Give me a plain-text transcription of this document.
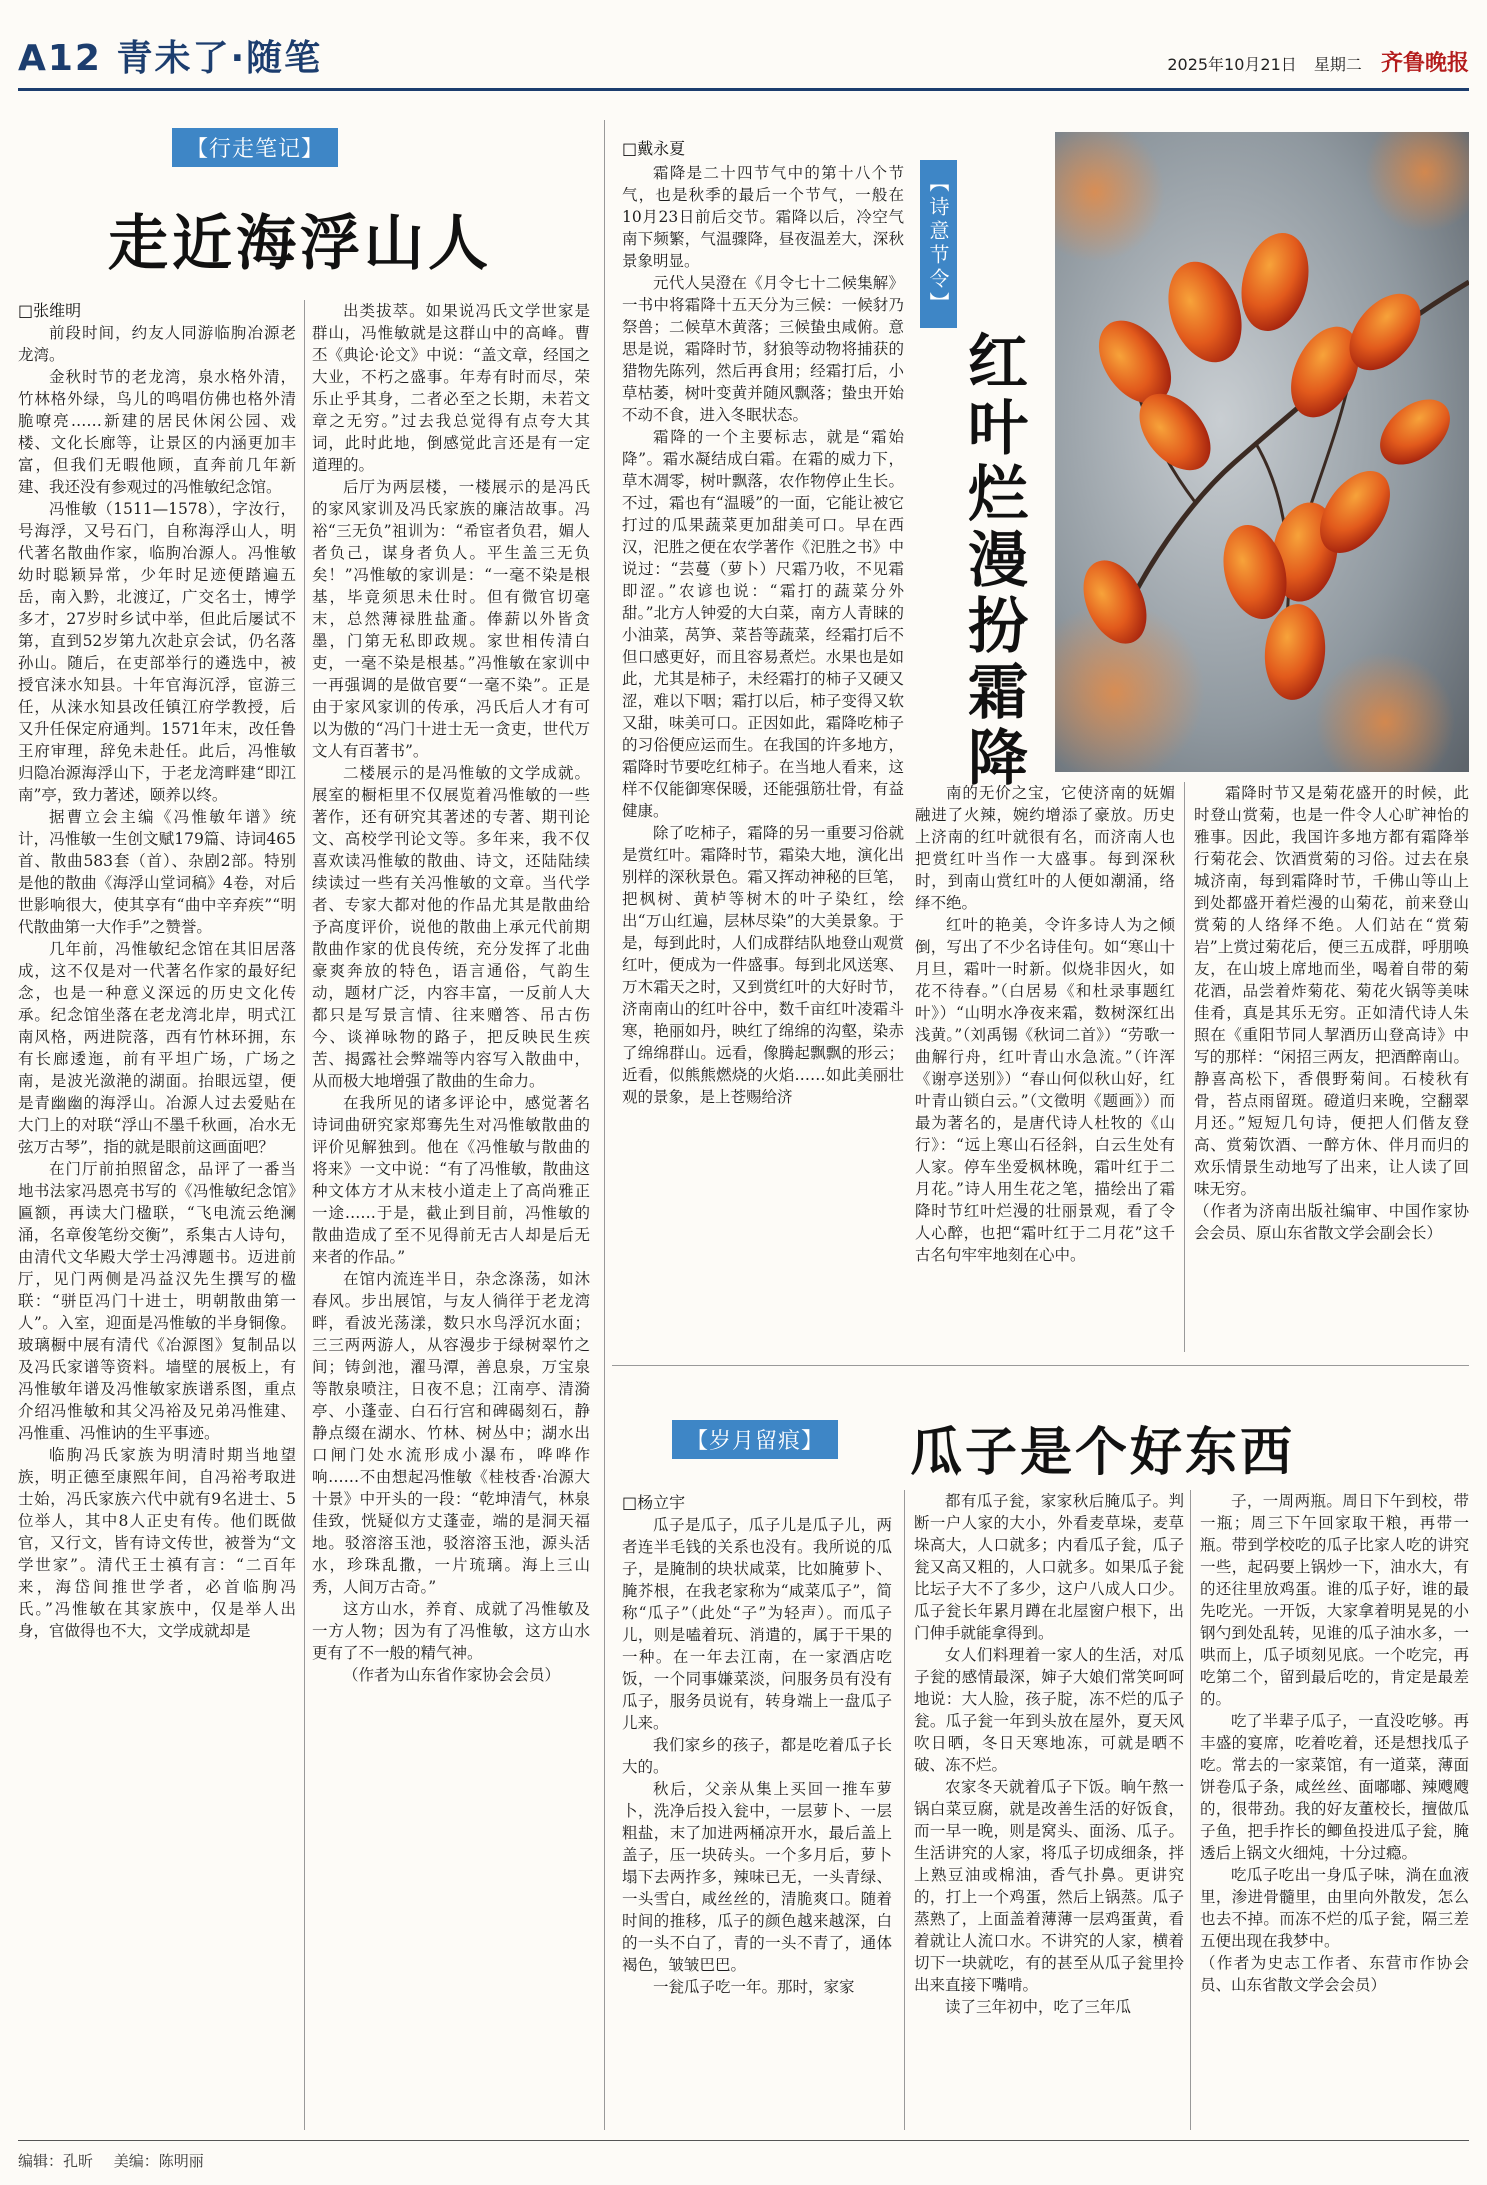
A12 青未了·随笔	2025年10月21日 星期二 齐鲁晚报
【行走笔记】
走近海浮山人
□张维明

前段时间，约友人同游临朐冶源老龙湾。

金秋时节的老龙湾，泉水格外清，竹林格外绿，鸟儿的鸣唱仿佛也格外清脆嘹亮……新建的居民休闲公园、戏楼、文化长廊等，让景区的内涵更加丰富，但我们无暇他顾，直奔前几年新建、我还没有参观过的冯惟敏纪念馆。

冯惟敏（1511—1578），字汝行，号海浮，又号石门，自称海浮山人，明代著名散曲作家，临朐冶源人。冯惟敏幼时聪颖异常，少年时足迹便踏遍五岳，南入黔，北渡辽，广交名士，博学多才，27岁时乡试中举，但此后屡试不第，直到52岁第九次赴京会试，仍名落孙山。随后，在吏部举行的遴选中，被授官涞水知县。十年官海沉浮，宦游三任，从涞水知县改任镇江府学教授，后又升任保定府通判。1571年末，改任鲁王府审理，辞免未赴任。此后，冯惟敏归隐冶源海浮山下，于老龙湾畔建“即江南”亭，致力著述，颐养以终。

据曹立会主编《冯惟敏年谱》统计，冯惟敏一生创文赋179篇、诗词465首、散曲583套（首）、杂剧2部。特别是他的散曲《海浮山堂词稿》4卷，对后世影响很大，使其享有“曲中辛弃疾”“明代散曲第一大作手”之赞誉。

几年前，冯惟敏纪念馆在其旧居落成，这不仅是对一代著名作家的最好纪念，也是一种意义深远的历史文化传承。纪念馆坐落在老龙湾北岸，明式江南风格，两进院落，西有竹林环拥，东有长廊逶迤，前有平坦广场，广场之南，是波光潋滟的湖面。抬眼远望，便是青幽幽的海浮山。冶源人过去爱贴在大门上的对联“浮山不墨千秋画，冶水无弦万古琴”，指的就是眼前这画面吧？

在门厅前拍照留念，品评了一番当地书法家冯恩亮书写的《冯惟敏纪念馆》匾额，再读大门楹联，“飞电流云绝澜涌，名章俊笔纷交衡”，系集古人诗句，由清代文华殿大学士冯溥题书。迈进前厅，见门两侧是冯益汉先生撰写的楹联：“骈臣冯门十进士，明朝散曲第一人”。入室，迎面是冯惟敏的半身铜像。玻璃橱中展有清代《冶源图》复制品以及冯氏家谱等资料。墙壁的展板上，有冯惟敏年谱及冯惟敏家族谱系图，重点介绍冯惟敏和其父冯裕及兄弟冯惟建、冯惟重、冯惟讷的生平事迹。

临朐冯氏家族为明清时期当地望族，明正德至康熙年间，自冯裕考取进士始，冯氏家族六代中就有9名进士、5位举人，其中8人正史有传。他们既做官，又行文，皆有诗文传世，被誉为“文学世家”。清代王士禛有言：“二百年来，海岱间推世学者，必首临朐冯氏。”冯惟敏在其家族中，仅是举人出身，官做得也不大，文学成就却是

出类拔萃。如果说冯氏文学世家是群山，冯惟敏就是这群山中的高峰。曹丕《典论·论文》中说：“盖文章，经国之大业，不朽之盛事。年寿有时而尽，荣乐止乎其身，二者必至之长期，未若文章之无穷。”过去我总觉得有点夸大其词，此时此地，倒感觉此言还是有一定道理的。

后厅为两层楼，一楼展示的是冯氏的家风家训及冯氏家族的廉洁故事。冯裕“三无负”祖训为：“希宦者负君，媚人者负己，谋身者负人。平生盖三无负矣！”冯惟敏的家训是：“一毫不染是根基，毕竟须思未仕时。但有微官切毫末，总然薄禄胜盐齑。俸薪以外皆贪墨，门第无私即政规。家世相传清白吏，一毫不染是根基。”冯惟敏在家训中一再强调的是做官要“一毫不染”。正是由于家风家训的传承，冯氏后人才有可以为傲的“冯门十进士无一贪吏，世代万文人有百著书”。

二楼展示的是冯惟敏的文学成就。展室的橱柜里不仅展览着冯惟敏的一些著作，还有研究其著述的专著、期刊论文、高校学刊论文等。多年来，我不仅喜欢读冯惟敏的散曲、诗文，还陆陆续续读过一些有关冯惟敏的文章。当代学者、专家大都对他的作品尤其是散曲给予高度评价，说他的散曲上承元代前期散曲作家的优良传统，充分发挥了北曲豪爽奔放的特色，语言通俗，气韵生动，题材广泛，内容丰富，一反前人大都只是写景言情、往来赠答、吊古伤今、谈禅咏物的路子，把反映民生疾苦、揭露社会弊端等内容写入散曲中，从而极大地增强了散曲的生命力。

在我所见的诸多评论中，感觉著名诗词曲研究家郑骞先生对冯惟敏散曲的评价见解独到。他在《冯惟敏与散曲的将来》一文中说：“有了冯惟敏，散曲这种文体方才从末枝小道走上了高尚雅正一途……于是，截止到目前，冯惟敏的散曲造成了至不见得前无古人却是后无来者的作品。”

在馆内流连半日，杂念涤荡，如沐春风。步出展馆，与友人徜徉于老龙湾畔，看波光荡漾，数只水鸟浮沉水面；三三两两游人，从容漫步于绿树翠竹之间；铸剑池，濯马潭，善息泉，万宝泉等散泉喷注，日夜不息；江南亭、清漪亭、小蓬壶、白石行宫和碑碣刻石，静静点缀在湖水、竹林、树丛中；湖水出口闸门处水流形成小瀑布，哗哗作响……不由想起冯惟敏《桂枝香·冶源大十景》中开头的一段：“乾坤清气，林泉佳致，恍疑似方丈蓬壶，端的是洞天福地。驳溶溶玉池，驳溶溶玉池，源头活水，珍珠乱撒，一片琉璃。海上三山秀，人间万古奇。”

这方山水，养育、成就了冯惟敏及一方人物；因为有了冯惟敏，这方山水更有了不一般的精气神。

（作者为山东省作家协会会员）

□戴永夏

霜降是二十四节气中的第十八个节气，也是秋季的最后一个节气，一般在10月23日前后交节。霜降以后，冷空气南下频繁，气温骤降，昼夜温差大，深秋景象明显。

元代人吴澄在《月令七十二候集解》一书中将霜降十五天分为三候：一候豺乃祭兽；二候草木黄落；三候蛰虫咸俯。意思是说，霜降时节，豺狼等动物将捕获的猎物先陈列，然后再食用；经霜打后，小草枯萎，树叶变黄并随风飘落；蛰虫开始不动不食，进入冬眠状态。

霜降的一个主要标志，就是“霜始降”。霜水凝结成白霜。在霜的威力下，草木凋零，树叶飘落，农作物停止生长。不过，霜也有“温暖”的一面，它能让被它打过的瓜果蔬菜更加甜美可口。早在西汉，汜胜之便在农学著作《汜胜之书》中说过：“芸蔓（萝卜）尺霜乃收，不见霜即涩。”农谚也说：“霜打的蔬菜分外甜。”北方人钟爱的大白菜，南方人青睐的小油菜，莴笋、菜苔等蔬菜，经霜打后不但口感更好，而且容易煮烂。水果也是如此，尤其是柿子，未经霜打的柿子又硬又涩，难以下咽；霜打以后，柿子变得又软又甜，味美可口。正因如此，霜降吃柿子的习俗便应运而生。在我国的许多地方，霜降时节要吃红柿子。在当地人看来，这样不仅能御寒保暖，还能强筋壮骨，有益健康。

除了吃柿子，霜降的另一重要习俗就是赏红叶。霜降时节，霜染大地，演化出别样的深秋景色。霜又挥动神秘的巨笔，把枫树、黄栌等树木的叶子染红，绘出“万山红遍，层林尽染”的大美景象。于是，每到此时，人们成群结队地登山观赏红叶，便成为一件盛事。每到北风送寒、万木霜天之时，又到赏红叶的大好时节，济南南山的红叶谷中，数千亩红叶凌霜斗寒，艳丽如丹，映红了绵绵的沟壑，染赤了绵绵群山。远看，像腾起飘飘的形云；近看，似熊熊燃烧的火焰……如此美丽壮观的景象，是上苍赐给济

【诗意节令】
红叶烂漫扮霜降

南的无价之宝，它使济南的妩媚融进了火辣，婉约增添了豪放。历史上济南的红叶就很有名，而济南人也把赏红叶当作一大盛事。每到深秋时，到南山赏红叶的人便如潮涌，络绎不绝。

红叶的艳美，令许多诗人为之倾倒，写出了不少名诗佳句。如“寒山十月旦，霜叶一时新。似烧非因火，如花不待春。”（白居易《和杜录事题红叶》）“山明水净夜来霜，数树深红出浅黄。”（刘禹锡《秋词二首》）“劳歌一曲解行舟，红叶青山水急流。”（许浑《谢亭送别》）“春山何似秋山好，红叶青山锁白云。”（文徵明《题画》）而最为著名的，是唐代诗人杜牧的《山行》：“远上寒山石径斜，白云生处有人家。停车坐爱枫林晚，霜叶红于二月花。”诗人用生花之笔，描绘出了霜降时节红叶烂漫的壮丽景观，看了令人心醉，也把“霜叶红于二月花”这千古名句牢牢地刻在心中。

霜降时节又是菊花盛开的时候，此时登山赏菊，也是一件令人心旷神怡的雅事。因此，我国许多地方都有霜降举行菊花会、饮酒赏菊的习俗。过去在泉城济南，每到霜降时节，千佛山等山上到处都盛开着烂漫的山菊花，前来登山赏菊的人络绎不绝。人们站在“赏菊岩”上赏过菊花后，便三五成群，呼朋唤友，在山坡上席地而坐，喝着自带的菊花酒，品尝着炸菊花、菊花火锅等美味佳肴，真是其乐无穷。正如清代诗人朱照在《重阳节同人挈酒历山登高诗》中写的那样：“闲招三两友，把酒醉南山。静喜高松下，香偎野菊间。石棱秋有骨，苔点雨留斑。磴道归来晚，空翻翠月还。”短短几句诗，便把人们偕友登高、赏菊饮酒、一醉方休、伴月而归的欢乐情景生动地写了出来，让人读了回味无穷。

（作者为济南出版社编审、中国作家协会会员、原山东省散文学会副会长）

【岁月留痕】 瓜子是个好东西
□杨立宇

瓜子是瓜子，瓜子儿是瓜子儿，两者连半毛钱的关系也没有。我所说的瓜子，是腌制的块状咸菜，比如腌萝卜、腌芥根，在我老家称为“咸菜瓜子”，简称“瓜子”（此处“子”为轻声）。而瓜子儿，则是嗑着玩、消遣的，属于干果的一种。在一年去江南，在一家酒店吃饭，一个同事嫌菜淡，问服务员有没有瓜子，服务员说有，转身端上一盘瓜子儿来。

我们家乡的孩子，都是吃着瓜子长大的。

秋后，父亲从集上买回一推车萝卜，洗净后投入瓮中，一层萝卜、一层粗盐，末了加进两桶凉开水，最后盖上盖子，压一块砖头。一个多月后，萝卜塌下去两拃多，辣味已无，一头青绿、一头雪白，咸丝丝的，清脆爽口。随着时间的推移，瓜子的颜色越来越深，白的一头不白了，青的一头不青了，通体褐色，皱皱巴巴。

一瓮瓜子吃一年。那时，家家

都有瓜子瓮，家家秋后腌瓜子。判断一户人家的大小，外看麦草垛，麦草垛高大，人口就多；内看瓜子瓮，瓜子瓮又高又粗的，人口就多。如果瓜子瓮比坛子大不了多少，这户八成人口少。瓜子瓮长年累月蹲在北屋窗户根下，出门伸手就能拿得到。

女人们料理着一家人的生活，对瓜子瓮的感情最深，婶子大娘们常笑呵呵地说：大人脸，孩子腚，冻不烂的瓜子瓮。瓜子瓮一年到头放在屋外，夏天风吹日晒，冬日天寒地冻，可就是晒不破、冻不烂。

农家冬天就着瓜子下饭。晌午熬一锅白菜豆腐，就是改善生活的好饭食，而一早一晚，则是窝头、面汤、瓜子。生活讲究的人家，将瓜子切成细条，拌上熟豆油或棉油，香气扑鼻。更讲究的，打上一个鸡蛋，然后上锅蒸。瓜子蒸熟了，上面盖着薄薄一层鸡蛋黄，看着就让人流口水。不讲究的人家，横着切下一块就吃，有的甚至从瓜子瓮里拎出来直接下嘴啃。

读了三年初中，吃了三年瓜

子，一周两瓶。周日下午到校，带一瓶；周三下午回家取干粮，再带一瓶。带到学校吃的瓜子比家人吃的讲究一些，起码要上锅炒一下，油水大，有的还往里放鸡蛋。谁的瓜子好，谁的最先吃光。一开饭，大家拿着明晃晃的小钢勺到处乱转，见谁的瓜子油水多，一哄而上，瓜子顷刻见底。一个吃完，再吃第二个，留到最后吃的，肯定是最差的。

吃了半辈子瓜子，一直没吃够。再丰盛的宴席，吃着吃着，还是想找瓜子吃。常去的一家菜馆，有一道菜，薄面饼卷瓜子条，咸丝丝、面嘟嘟、辣飕飕的，很带劲。我的好友董校长，擅做瓜子鱼，把手拃长的鲫鱼投进瓜子瓮，腌透后上锅文火细炖，十分过瘾。

吃瓜子吃出一身瓜子味，淌在血液里，渗进骨髓里，由里向外散发，怎么也去不掉。而冻不烂的瓜子瓮，隔三差五便出现在我梦中。

（作者为史志工作者、东营市作协会员、山东省散文学会会员）

编辑：孔昕 美编：陈明丽
